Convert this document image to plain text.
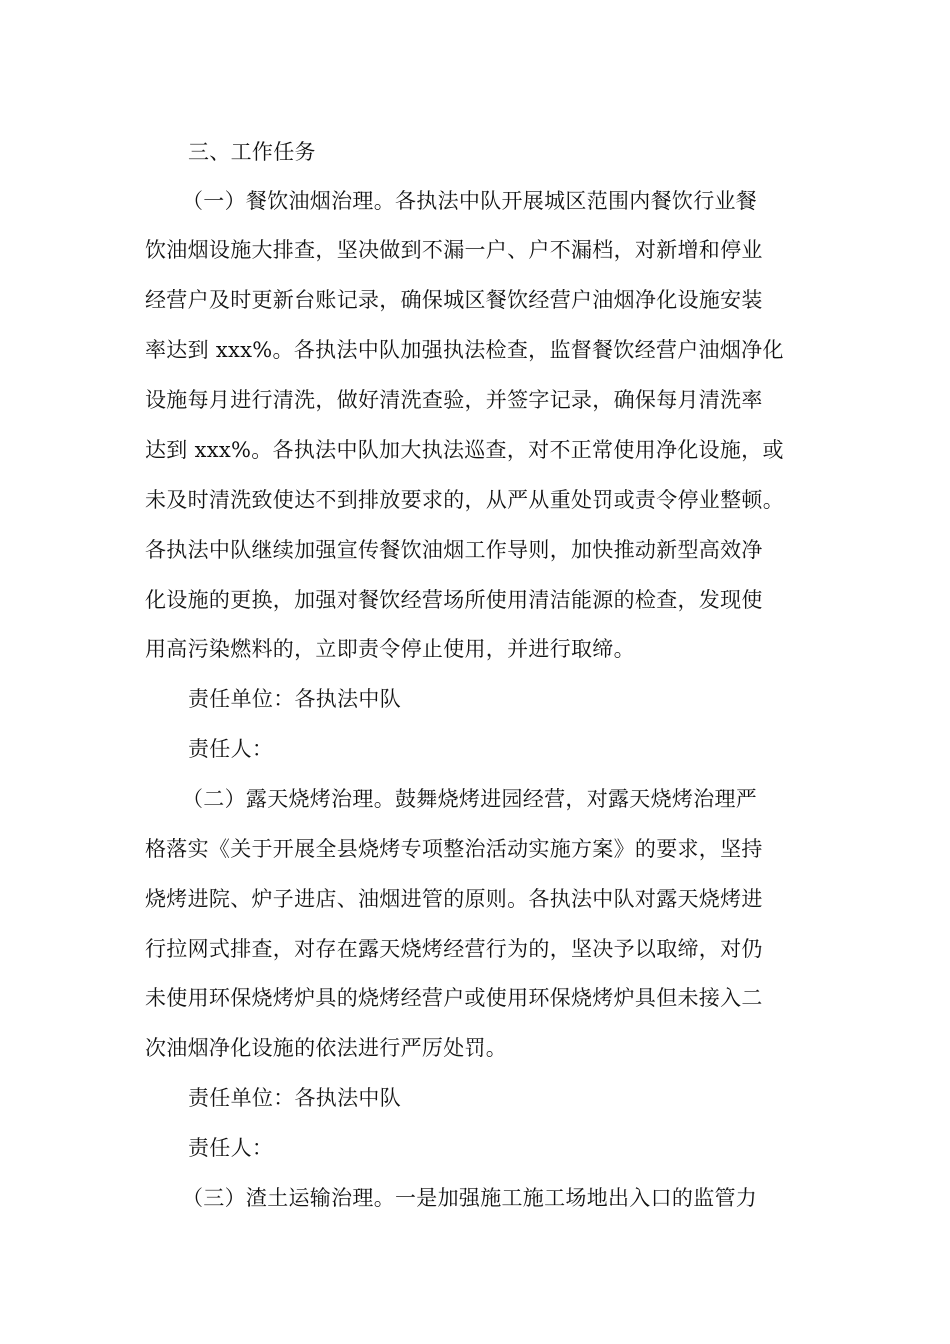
三、工作任务
（一）餐饮油烟治理。各执法中队开展城区范围内餐饮行业餐
饮油烟设施大排查，坚决做到不漏一户、户不漏档，对新增和停业
经营户及时更新台账记录，确保城区餐饮经营户油烟净化设施安装
率达到 xxx%。各执法中队加强执法检查，监督餐饮经营户油烟净化
设施每月进行清洗，做好清洗查验，并签字记录，确保每月清洗率
达到 xxx%。各执法中队加大执法巡查，对不正常使用净化设施，或
未及时清洗致使达不到排放要求的，从严从重处罚或责令停业整顿。
各执法中队继续加强宣传餐饮油烟工作导则，加快推动新型高效净
化设施的更换，加强对餐饮经营场所使用清洁能源的检查，发现使
用高污染燃料的，立即责令停止使用，并进行取缔。
责任单位：各执法中队
责任人：
（二）露天烧烤治理。鼓舞烧烤进园经营，对露天烧烤治理严
格落实《关于开展全县烧烤专项整治活动实施方案》的要求，坚持
烧烤进院、炉子进店、油烟进管的原则。各执法中队对露天烧烤进
行拉网式排查，对存在露天烧烤经营行为的，坚决予以取缔，对仍
未使用环保烧烤炉具的烧烤经营户或使用环保烧烤炉具但未接入二
次油烟净化设施的依法进行严厉处罚。
责任单位：各执法中队
责任人：
（三）渣土运输治理。一是加强施工施工场地出入口的监管力
